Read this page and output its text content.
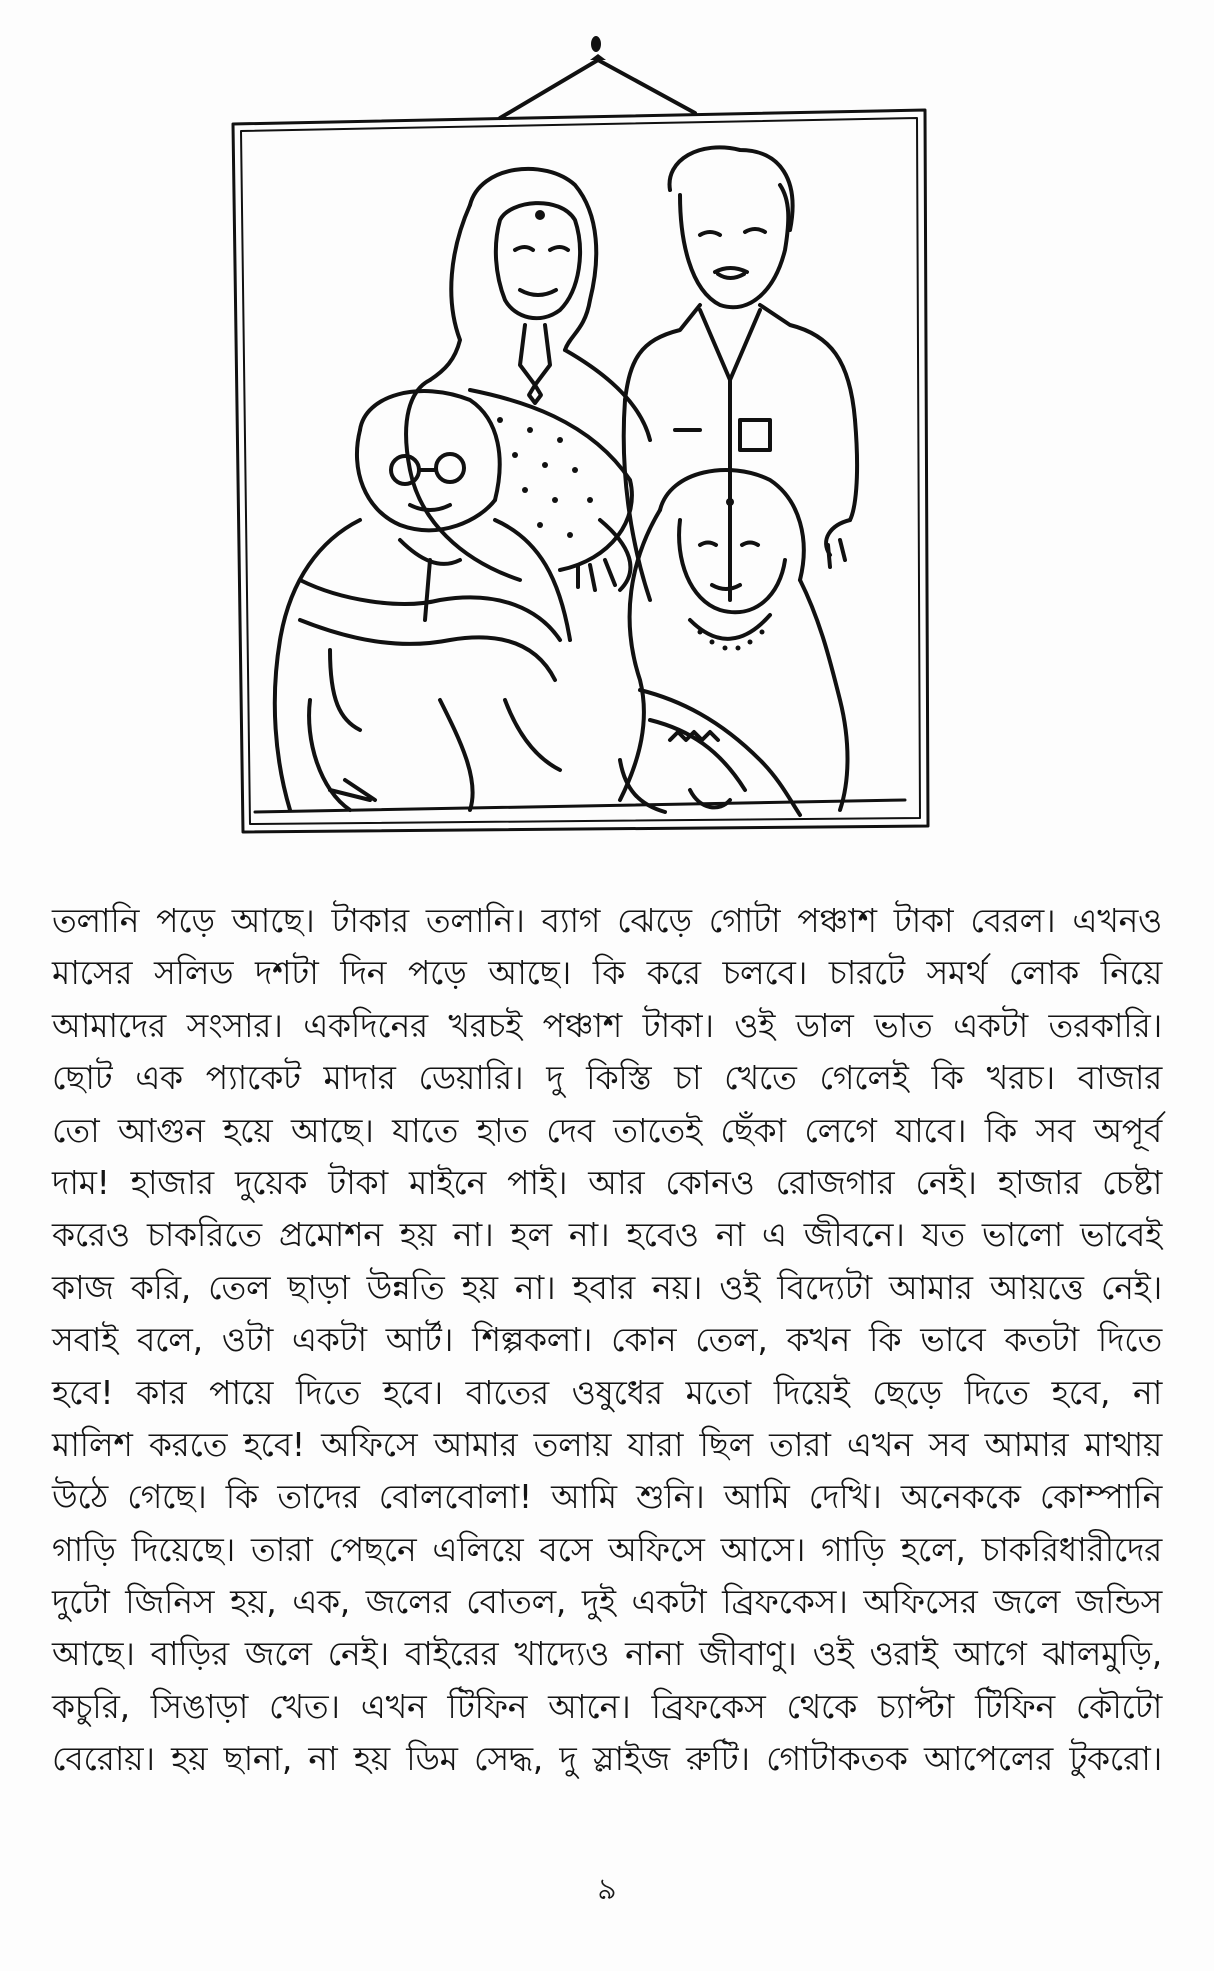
তলানি পড়ে আছে। টাকার তলানি। ব্যাগ ঝেড়ে গোটা পঞ্চাশ টাকা বেরল। এখনও
মাসের সলিড দশটা দিন পড়ে আছে। কি করে চলবে। চারটে সমর্থ লোক নিয়ে
আমাদের সংসার। একদিনের খরচই পঞ্চাশ টাকা। ওই ডাল ভাত একটা তরকারি।
ছোট এক প্যাকেট মাদার ডেয়ারি। দু কিস্তি চা খেতে গেলেই কি খরচ। বাজার
তো আগুন হয়ে আছে। যাতে হাত দেব তাতেই ছেঁকা লেগে যাবে। কি সব অপূর্ব
দাম! হাজার দুয়েক টাকা মাইনে পাই। আর কোনও রোজগার নেই। হাজার চেষ্টা
করেও চাকরিতে প্রমোশন হয় না। হল না। হবেও না এ জীবনে। যত ভালো ভাবেই
কাজ করি, তেল ছাড়া উন্নতি হয় না। হবার নয়। ওই বিদ্যেটা আমার আয়ত্তে নেই।
সবাই বলে, ওটা একটা আর্ট। শিল্পকলা। কোন তেল, কখন কি ভাবে কতটা দিতে
হবে! কার পায়ে দিতে হবে। বাতের ওষুধের মতো দিয়েই ছেড়ে দিতে হবে, না
মালিশ করতে হবে! অফিসে আমার তলায় যারা ছিল তারা এখন সব আমার মাথায়
উঠে গেছে। কি তাদের বোলবোলা! আমি শুনি। আমি দেখি। অনেককে কোম্পানি
গাড়ি দিয়েছে। তারা পেছনে এলিয়ে বসে অফিসে আসে। গাড়ি হলে, চাকরিধারীদের
দুটো জিনিস হয়, এক, জলের বোতল, দুই একটা ব্রিফকেস। অফিসের জলে জন্ডিস
আছে। বাড়ির জলে নেই। বাইরের খাদ্যেও নানা জীবাণু। ওই ওরাই আগে ঝালমুড়ি,
কচুরি, সিঙাড়া খেত। এখন টিফিন আনে। ব্রিফকেস থেকে চ্যাপ্টা টিফিন কৌটো
বেরোয়। হয় ছানা, না হয় ডিম সেদ্ধ, দু স্লাইজ রুটি। গোটাকতক আপেলের টুকরো।
৯
